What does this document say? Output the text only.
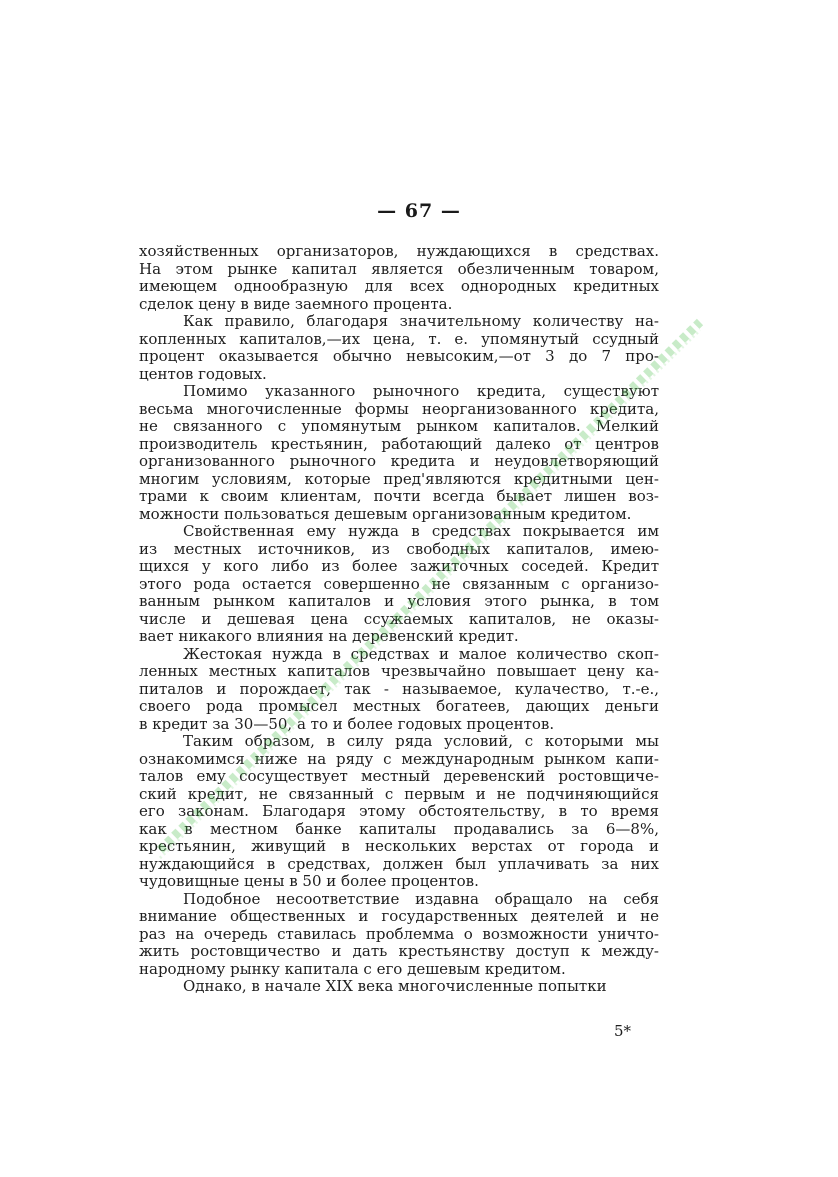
— 67 —
хозяйственных организаторов, нуждающихся в средствах.
На этом рынке капитал является обезличенным товаром,
имеющем однообразную для всех однородных кредитных
сделок цену в виде заемного процента.
Как правило, благодаря значительному количеству на-
копленных капиталов,—их цена, т. е. упомянутый ссудный
процент оказывается обычно невысоким,—от 3 до 7 про-
центов годовых.
Помимо указанного рыночного кредита, существуют
весьма многочисленные формы неорганизованного кредита,
не связанного с упомянутым рынком капиталов. Мелкий
производитель крестьянин, работающий далеко от центров
организованного рыночного кредита и неудовлетворяющий
многим условиям, которые пред'являются кредитными цен-
трами к своим клиентам, почти всегда бывает лишен воз-
можности пользоваться дешевым организованным кредитом.
Свойственная ему нужда в средствах покрывается им
из местных источников, из свободных капиталов, имею-
щихся у кого либо из более зажиточных соседей. Кредит
этого рода остается совершенно не связанным с организо-
ванным рынком капиталов и условия этого рынка, в том
числе и дешевая цена ссужаемых капиталов, не оказы-
вает никакого влияния на деревенский кредит.
Жестокая нужда в средствах и малое количество скоп-
ленных местных капиталов чрезвычайно повышает цену ка-
питалов и порождает, так - называемое, кулачество, т.-е.,
своего рода промысел местных богатеев, дающих деньги
в кредит за 30—50, а то и более годовых процентов.
Таким образом, в силу ряда условий, с которыми мы
ознакомимся ниже на ряду с международным рынком капи-
талов ему сосуществует местный деревенский ростовщиче-
ский кредит, не связанный с первым и не подчиняющийся
его законам. Благодаря этому обстоятельству, в то время
как в местном банке капиталы продавались за 6—8%,
крестьянин, живущий в нескольких верстах от города и
нуждающийся в средствах, должен был уплачивать за них
чудовищные цены в 50 и более процентов.
Подобное несоответствие издавна обращало на себя
внимание общественных и государственных деятелей и не
раз на очередь ставилась проблемма о возможности уничто-
жить ростовщичество и дать крестьянству доступ к между-
народному рынку капитала с его дешевым кредитом.
Однако, в начале XIX века многочисленные попытки
5*
